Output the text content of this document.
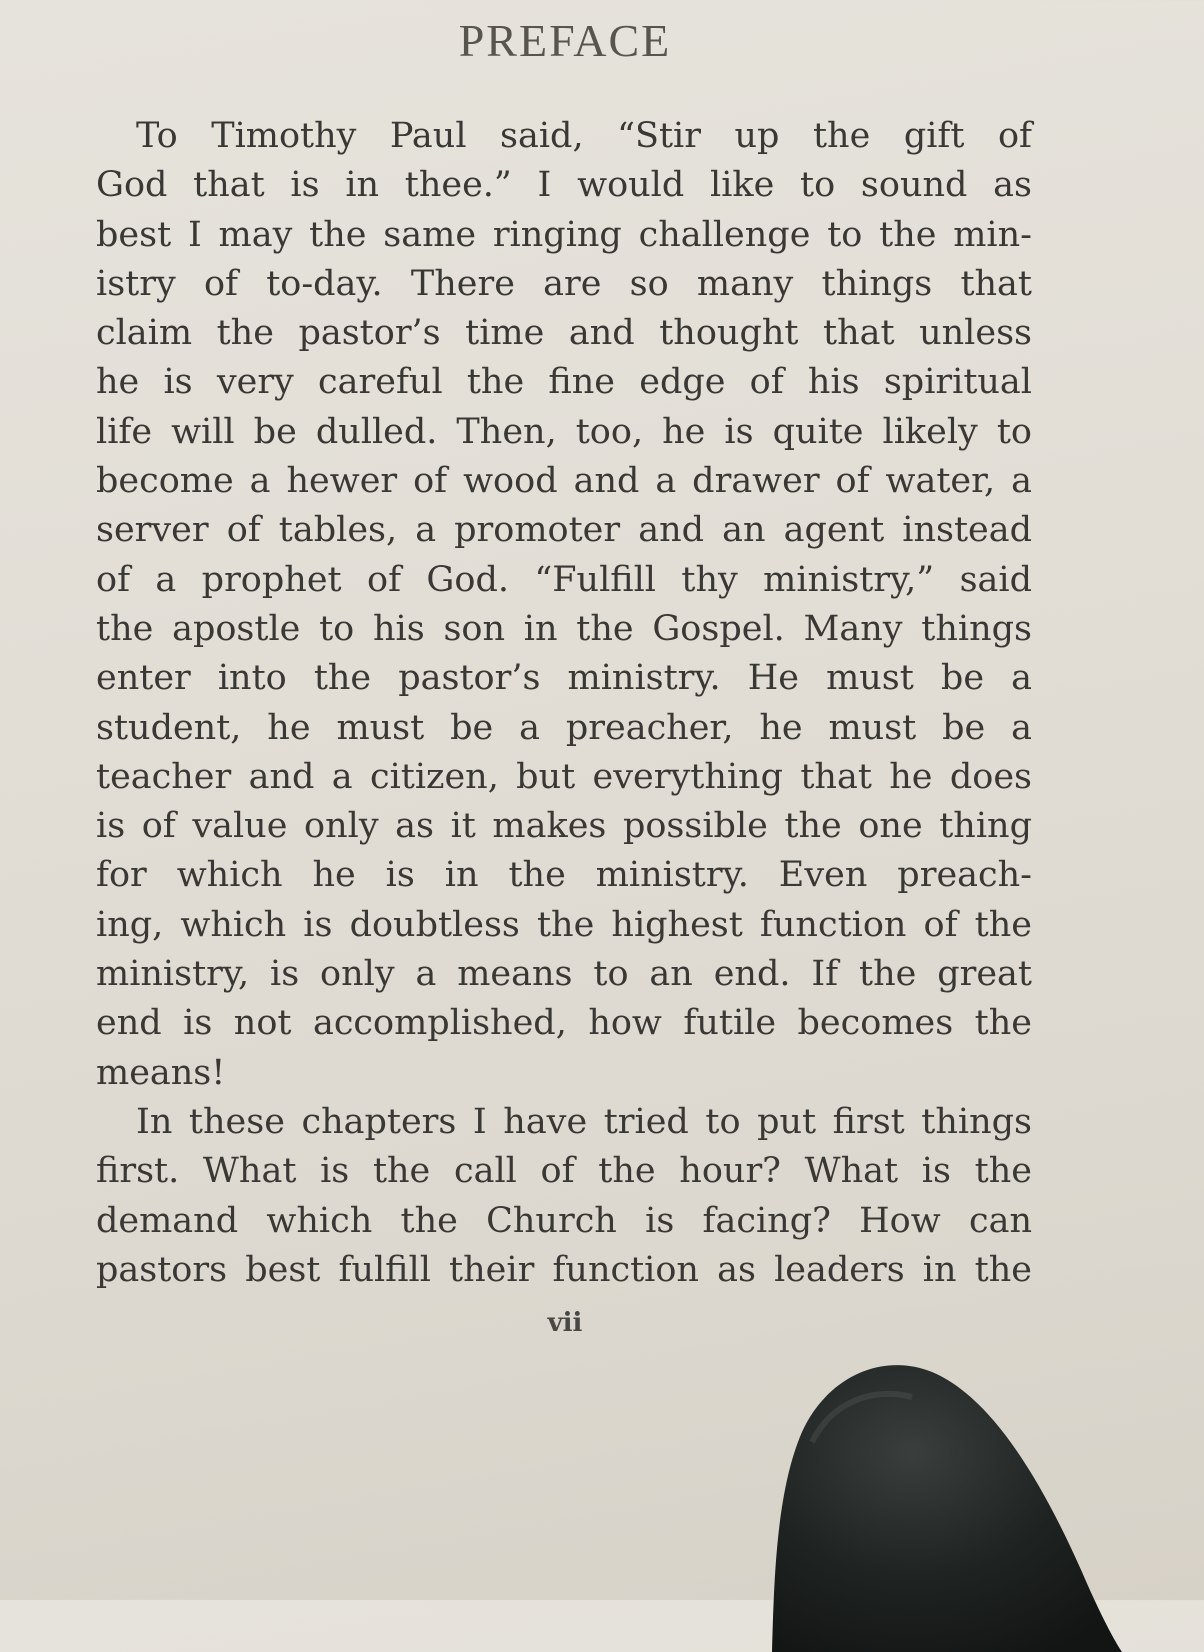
PREFACE
To Timothy Paul said, “Stir up the gift of
God that is in thee.” I would like to sound as
best I may the same ringing challenge to the min-
istry of to-day. There are so many things that
claim the pastor’s time and thought that unless
he is very careful the fine edge of his spiritual
life will be dulled. Then, too, he is quite likely to
become a hewer of wood and a drawer of water, a
server of tables, a promoter and an agent instead
of a prophet of God. “Fulfill thy ministry,” said
the apostle to his son in the Gospel. Many things
enter into the pastor’s ministry. He must be a
student, he must be a preacher, he must be a
teacher and a citizen, but everything that he does
is of value only as it makes possible the one thing
for which he is in the ministry. Even preach-
ing, which is doubtless the highest function of the
ministry, is only a means to an end. If the great
end is not accomplished, how futile becomes the
means!
In these chapters I have tried to put first things
first. What is the call of the hour? What is the
demand which the Church is facing? How can
pastors best fulfill their function as leaders in the
vii
